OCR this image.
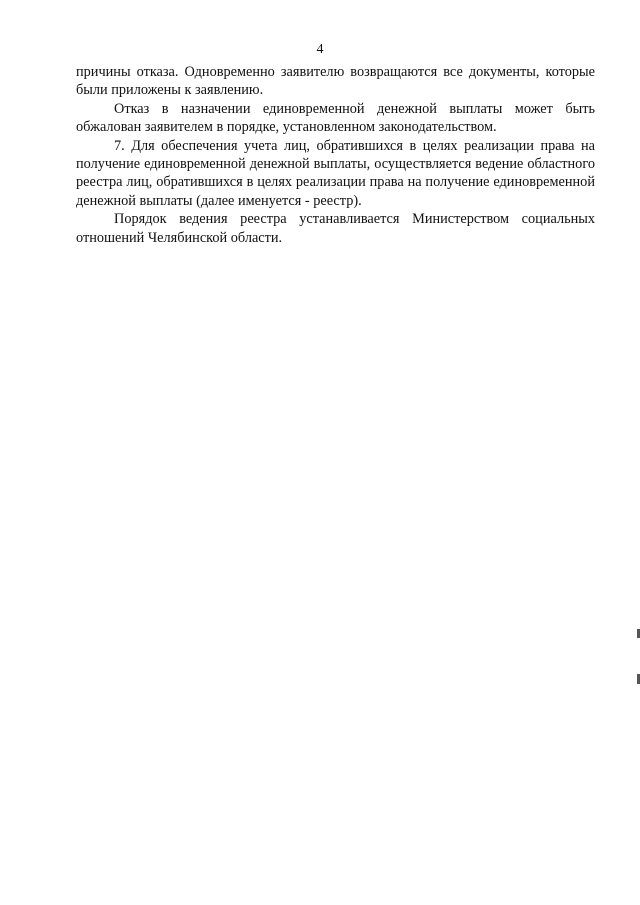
4

причины отказа. Одновременно заявителю возвращаются все документы, которые были приложены к заявлению.

Отказ в назначении единовременной денежной выплаты может быть обжалован заявителем в порядке, установленном законодательством.

7. Для обеспечения учета лиц, обратившихся в целях реализации права на получение единовременной денежной выплаты, осуществляется ведение областного реестра лиц, обратившихся в целях реализации права на получение единовременной денежной выплаты (далее именуется - реестр).

Порядок ведения реестра устанавливается Министерством социальных отношений Челябинской области.
